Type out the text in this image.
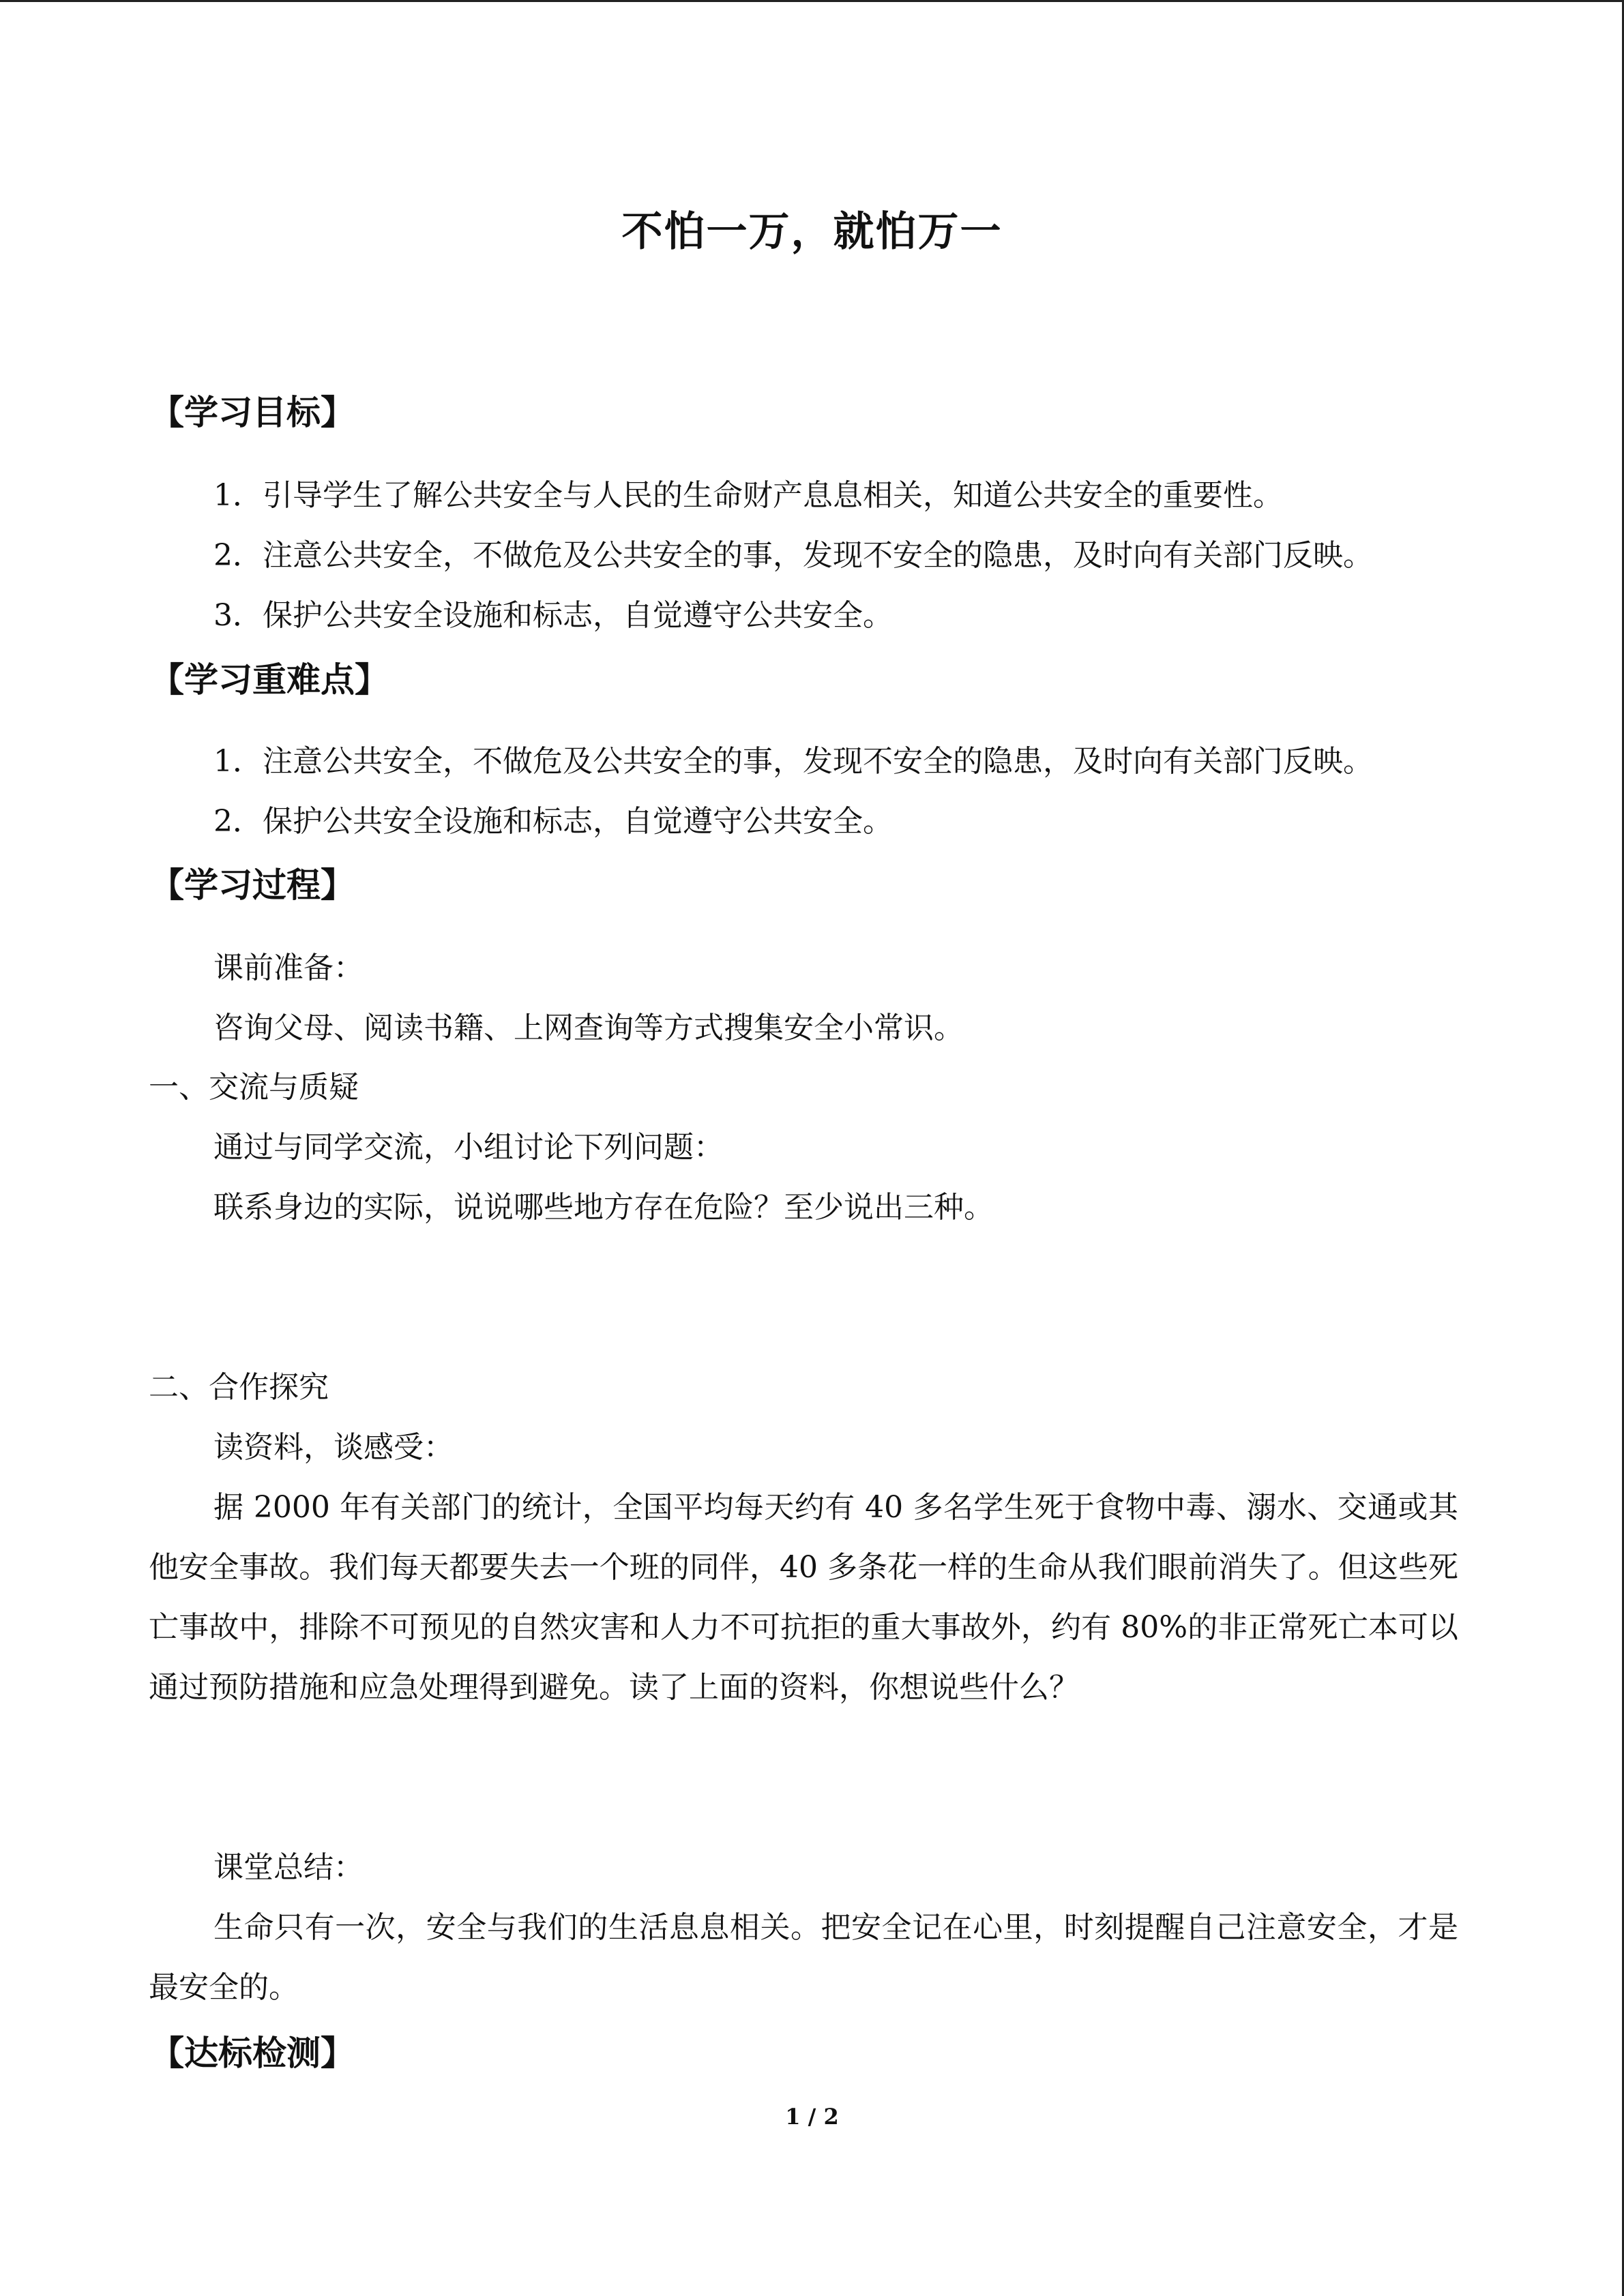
不怕一万，就怕万一
【学习目标】
1．引导学生了解公共安全与人民的生命财产息息相关，知道公共安全的重要性。
2．注意公共安全，不做危及公共安全的事，发现不安全的隐患，及时向有关部门反映。
3．保护公共安全设施和标志，自觉遵守公共安全。
【学习重难点】
1．注意公共安全，不做危及公共安全的事，发现不安全的隐患，及时向有关部门反映。
2．保护公共安全设施和标志，自觉遵守公共安全。
【学习过程】
课前准备：
咨询父母、阅读书籍、上网查询等方式搜集安全小常识。
一、交流与质疑
通过与同学交流，小组讨论下列问题：
联系身边的实际，说说哪些地方存在危险？至少说出三种。
二、合作探究
读资料，谈感受：
据 2000 年有关部门的统计，全国平均每天约有 40 多名学生死于食物中毒、溺水、交通或其他安全事故。我们每天都要失去一个班的同伴，40 多条花一样的生命从我们眼前消失了。但这些死亡事故中，排除不可预见的自然灾害和人力不可抗拒的重大事故外，约有 80%的非正常死亡本可以通过预防措施和应急处理得到避免。读了上面的资料，你想说些什么？
课堂总结：
生命只有一次，安全与我们的生活息息相关。把安全记在心里，时刻提醒自己注意安全，才是最安全的。
【达标检测】
1 / 2
